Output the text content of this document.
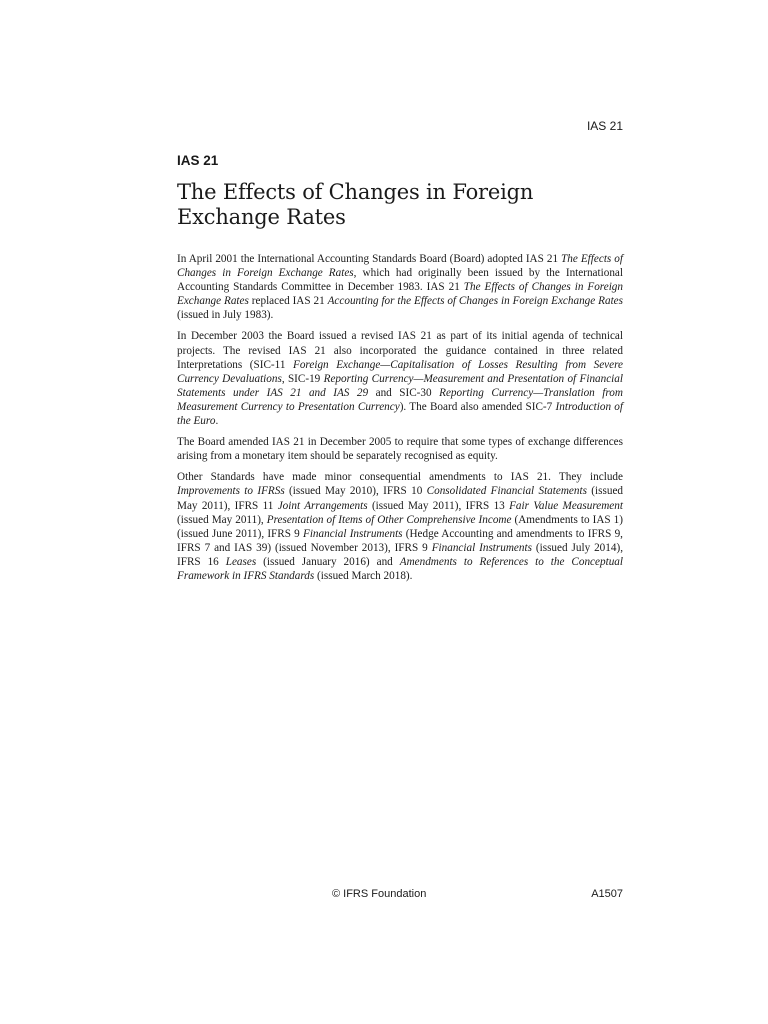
IAS 21
IAS 21
The Effects of Changes in Foreign Exchange Rates

In April 2001 the International Accounting Standards Board (Board) adopted IAS 21 The Effects of Changes in Foreign Exchange Rates, which had originally been issued by the International Accounting Standards Committee in December 1983. IAS 21 The Effects of Changes in Foreign Exchange Rates replaced IAS 21 Accounting for the Effects of Changes in Foreign Exchange Rates (issued in July 1983).

In December 2003 the Board issued a revised IAS 21 as part of its initial agenda of technical projects. The revised IAS 21 also incorporated the guidance contained in three related Interpretations (SIC-11 Foreign Exchange—Capitalisation of Losses Resulting from Severe Currency Devaluations, SIC-19 Reporting Currency—Measurement and Presentation of Financial Statements under IAS 21 and IAS 29 and SIC-30 Reporting Currency—Translation from Measurement Currency to Presentation Currency). The Board also amended SIC-7 Introduction of the Euro.

The Board amended IAS 21 in December 2005 to require that some types of exchange differences arising from a monetary item should be separately recognised as equity.

Other Standards have made minor consequential amendments to IAS 21. They include Improvements to IFRSs (issued May 2010), IFRS 10 Consolidated Financial Statements (issued May 2011), IFRS 11 Joint Arrangements (issued May 2011), IFRS 13 Fair Value Measurement (issued May 2011), Presentation of Items of Other Comprehensive Income (Amendments to IAS 1) (issued June 2011), IFRS 9 Financial Instruments (Hedge Accounting and amendments to IFRS 9, IFRS 7 and IAS 39) (issued November 2013), IFRS 9 Financial Instruments (issued July 2014), IFRS 16 Leases (issued January 2016) and Amendments to References to the Conceptual Framework in IFRS Standards (issued March 2018).

© IFRS Foundation	A1507
